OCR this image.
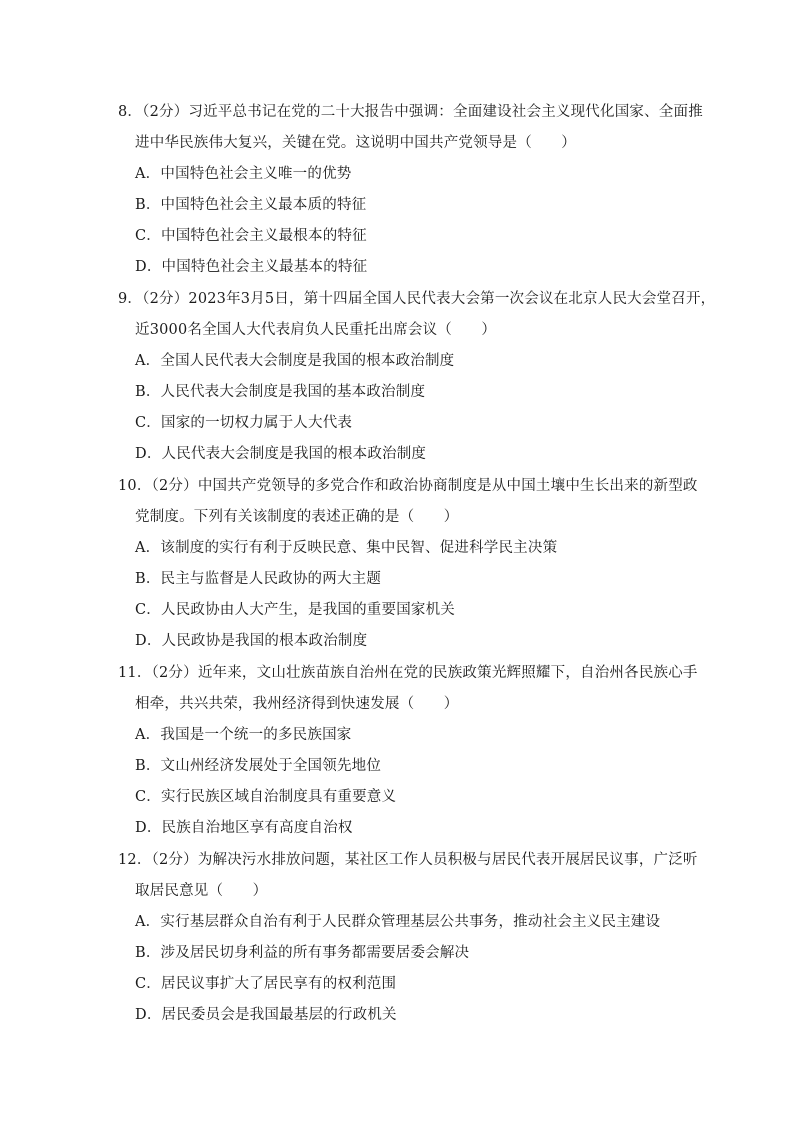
8．（2分）习近平总书记在党的二十大报告中强调：全面建设社会主义现代化国家、全面推
进中华民族伟大复兴，关键在党。这说明中国共产党领导是（　　）
A．中国特色社会主义唯一的优势
B．中国特色社会主义最本质的特征
C．中国特色社会主义最根本的特征
D．中国特色社会主义最基本的特征
9．（2分）2023年3月5日，第十四届全国人民代表大会第一次会议在北京人民大会堂召开，
近3000名全国人大代表肩负人民重托出席会议（　　）
A．全国人民代表大会制度是我国的根本政治制度
B．人民代表大会制度是我国的基本政治制度
C．国家的一切权力属于人大代表
D．人民代表大会制度是我国的根本政治制度
10．（2分）中国共产党领导的多党合作和政治协商制度是从中国土壤中生长出来的新型政
党制度。下列有关该制度的表述正确的是（　　）
A．该制度的实行有利于反映民意、集中民智、促进科学民主决策
B．民主与监督是人民政协的两大主题
C．人民政协由人大产生，是我国的重要国家机关
D．人民政协是我国的根本政治制度
11．（2分）近年来，文山壮族苗族自治州在党的民族政策光辉照耀下，自治州各民族心手
相牵，共兴共荣，我州经济得到快速发展（　　）
A．我国是一个统一的多民族国家
B．文山州经济发展处于全国领先地位
C．实行民族区域自治制度具有重要意义
D．民族自治地区享有高度自治权
12．（2分）为解决污水排放问题，某社区工作人员积极与居民代表开展居民议事，广泛听
取居民意见（　　）
A．实行基层群众自治有利于人民群众管理基层公共事务，推动社会主义民主建设
B．涉及居民切身利益的所有事务都需要居委会解决
C．居民议事扩大了居民享有的权利范围
D．居民委员会是我国最基层的行政机关
